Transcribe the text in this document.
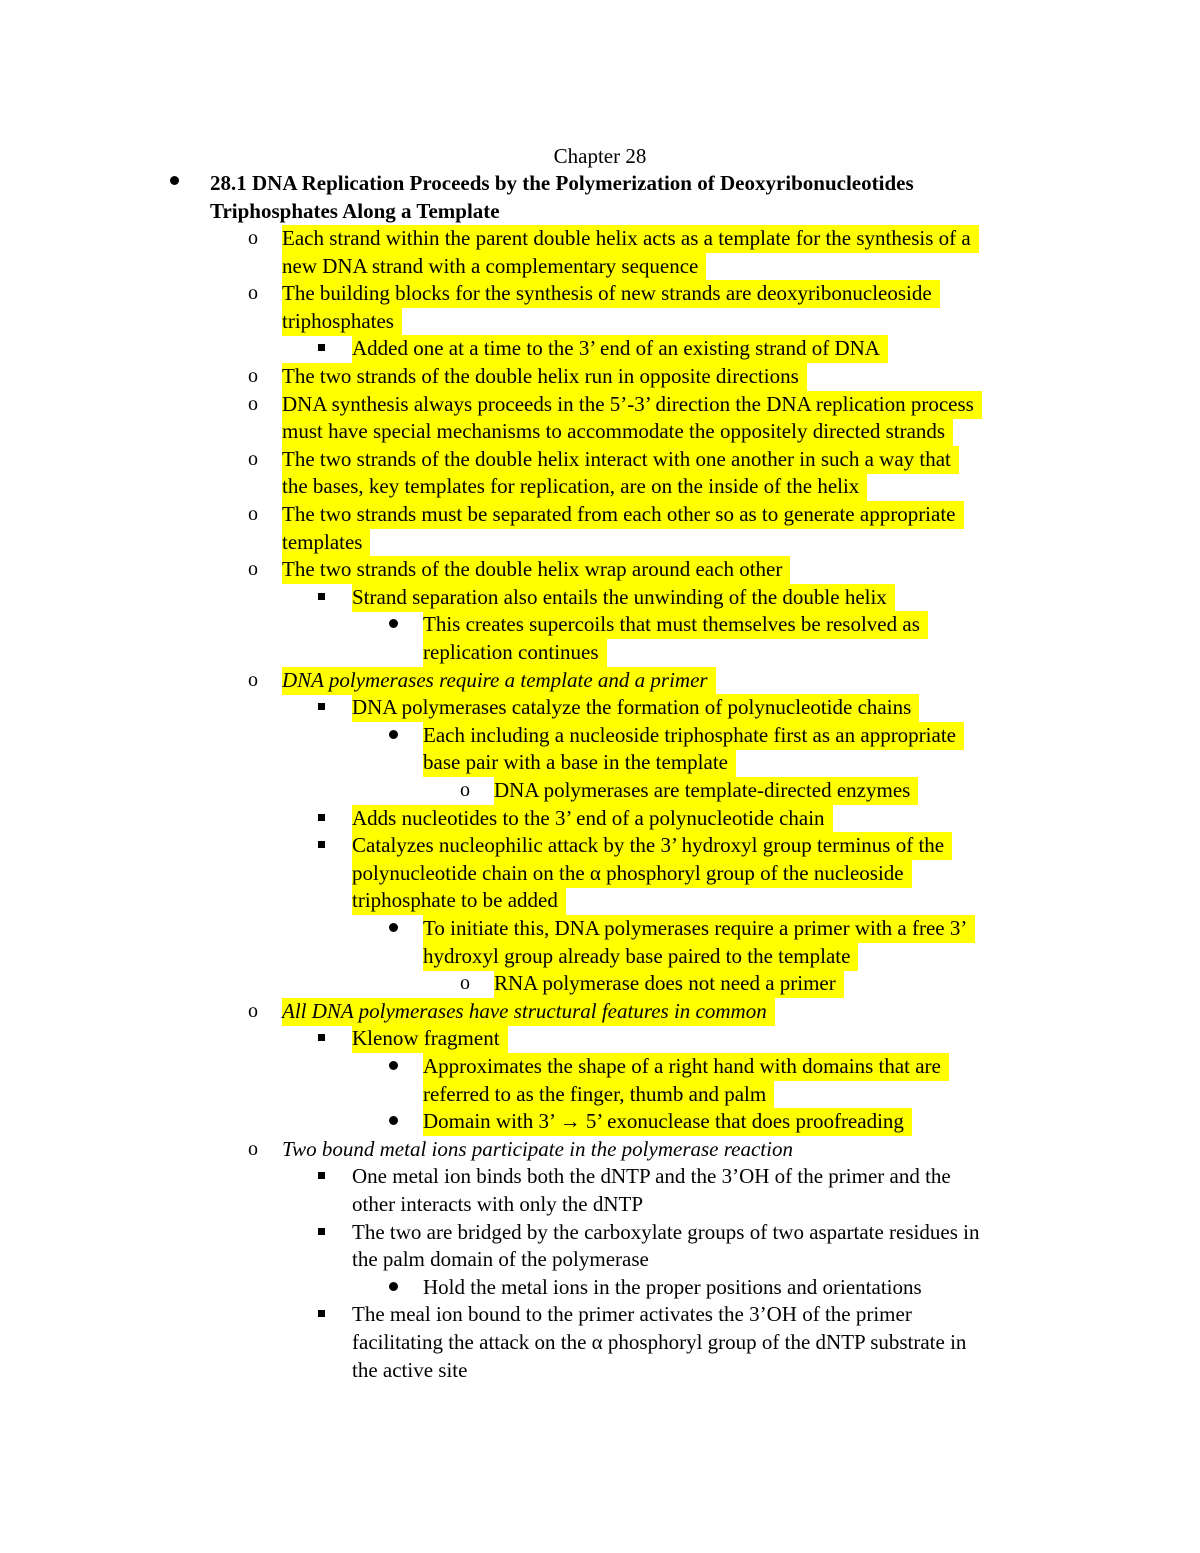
Chapter 28
28.1 DNA Replication Proceeds by the Polymerization of Deoxyribonucleotides
Triphosphates Along a Template
o Each strand within the parent double helix acts as a template for the synthesis of a
new DNA strand with a complementary sequence
o The building blocks for the synthesis of new strands are deoxyribonucleoside
triphosphates
Added one at a time to the 3’ end of an existing strand of DNA
o The two strands of the double helix run in opposite directions
o DNA synthesis always proceeds in the 5’-3’ direction the DNA replication process
must have special mechanisms to accommodate the oppositely directed strands
o The two strands of the double helix interact with one another in such a way that
the bases, key templates for replication, are on the inside of the helix
o The two strands must be separated from each other so as to generate appropriate
templates
o The two strands of the double helix wrap around each other
Strand separation also entails the unwinding of the double helix
This creates supercoils that must themselves be resolved as
replication continues
o DNA polymerases require a template and a primer
DNA polymerases catalyze the formation of polynucleotide chains
Each including a nucleoside triphosphate first as an appropriate
base pair with a base in the template
o DNA polymerases are template-directed enzymes
Adds nucleotides to the 3’ end of a polynucleotide chain
Catalyzes nucleophilic attack by the 3’ hydroxyl group terminus of the
polynucleotide chain on the α phosphoryl group of the nucleoside
triphosphate to be added
To initiate this, DNA polymerases require a primer with a free 3’
hydroxyl group already base paired to the template
o RNA polymerase does not need a primer
o All DNA polymerases have structural features in common
Klenow fragment
Approximates the shape of a right hand with domains that are
referred to as the finger, thumb and palm
Domain with 3’ → 5’ exonuclease that does proofreading
o Two bound metal ions participate in the polymerase reaction
One metal ion binds both the dNTP and the 3’OH of the primer and the
other interacts with only the dNTP
The two are bridged by the carboxylate groups of two aspartate residues in
the palm domain of the polymerase
Hold the metal ions in the proper positions and orientations
The meal ion bound to the primer activates the 3’OH of the primer
facilitating the attack on the α phosphoryl group of the dNTP substrate in
the active site
